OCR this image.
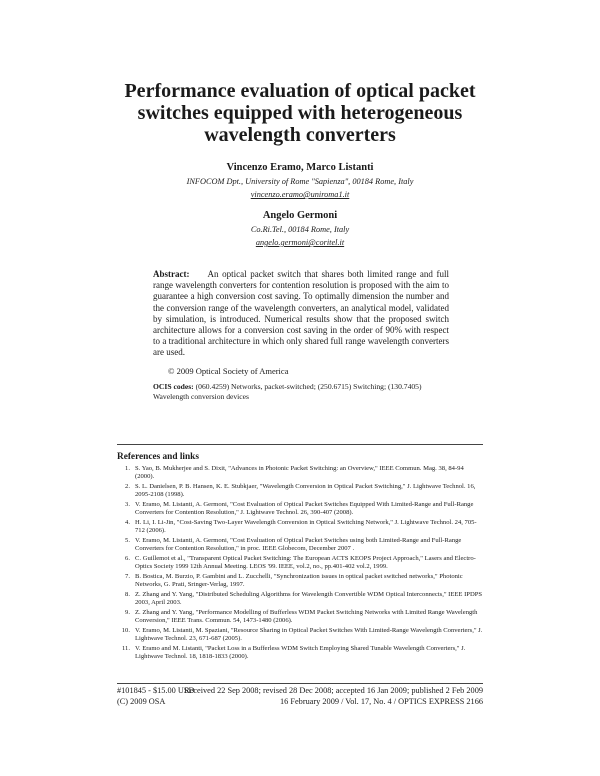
Performance evaluation of optical packet
switches equipped with heterogeneous
wavelength converters
Vincenzo Eramo, Marco Listanti
INFOCOM Dpt., University of Rome "Sapienza", 00184 Rome, Italy
vincenzo.eramo@uniroma1.it
Angelo Germoni
Co.Ri.Tel., 00184 Rome, Italy
angelo.germoni@coritel.it
Abstract: An optical packet switch that shares both limited range and full range wavelength converters for contention resolution is proposed with the aim to guarantee a high conversion cost saving. To optimally dimension the number and the conversion range of the wavelength converters, an analytical model, validated by simulation, is introduced. Numerical results show that the proposed switch architecture allows for a conversion cost saving in the order of 90% with respect to a traditional architecture in which only shared full range wavelength converters are used.
© 2009 Optical Society of America
OCIS codes: (060.4259) Networks, packet-switched; (250.6715) Switching; (130.7405) Wavelength conversion devices
References and links
1. S. Yao, B. Mukherjee and S. Dixit, "Advances in Photonic Packet Switching: an Overview," IEEE Commun. Mag. 38, 84-94 (2000).
2. S. L. Danielsen, P. B. Hansen, K. E. Stubkjaer, "Wavelength Conversion in Optical Packet Switching," J. Lightwave Technol. 16, 2095-2108 (1998).
3. V. Eramo, M. Listanti, A. Germoni, "Cost Evaluation of Optical Packet Switches Equipped With Limited-Range and Full-Range Converters for Contention Resolution," J. Lightwave Technol. 26, 390-407 (2008).
4. H. Li, I. Li-Jin, "Cost-Saving Two-Layer Wavelength Conversion in Optical Switching Network," J. Lightwave Technol. 24, 705-712 (2006).
5. V. Eramo, M. Listanti, A. Germoni, "Cost Evaluation of Optical Packet Switches using both Limited-Range and Full-Range Converters for Contention Resolution," in proc. IEEE Globecom, December 2007 .
6. C. Guillemot et al., "Transparent Optical Packet Switching: The European ACTS KEOPS Project Approach," Lasers and Electro-Optics Society 1999 12th Annual Meeting. LEOS '99. IEEE, vol.2, no., pp.401-402 vol.2, 1999.
7. B. Bostica, M. Burzio, P. Gambini and L. Zucchelli, "Synchronization issues in optical packet switched networks," Photonic Networks, G. Prati, Sringer-Verlag, 1997.
8. Z. Zhang and Y. Yang, "Distributed Scheduling Algorithms for Wavelength Convertible WDM Optical Interconnects," IEEE IPDPS 2003, April 2003.
9. Z. Zhang and Y. Yang, "Performance Modelling of Bufferless WDM Packet Switching Networks with Limited Range Wavelength Conversion," IEEE Trans. Commun. 54, 1473-1480 (2006).
10. V. Eramo, M. Listanti, M. Spaziani, "Resource Sharing in Optical Packet Switches With Limited-Range Wavelength Converters," J. Lightwave Technol. 23, 671-687 (2005).
11. V. Eramo and M. Listanti, "Packet Loss in a Bufferless WDM Switch Employing Shared Tunable Wavelength Converters," J. Lightwave Technol. 18, 1818-1833 (2000).
#101845 - $15.00 USD
Received 22 Sep 2008; revised 28 Dec 2008; accepted 16 Jan 2009; published 2 Feb 2009
(C) 2009 OSA	16 February 2009 / Vol. 17, No. 4 / OPTICS EXPRESS 2166
